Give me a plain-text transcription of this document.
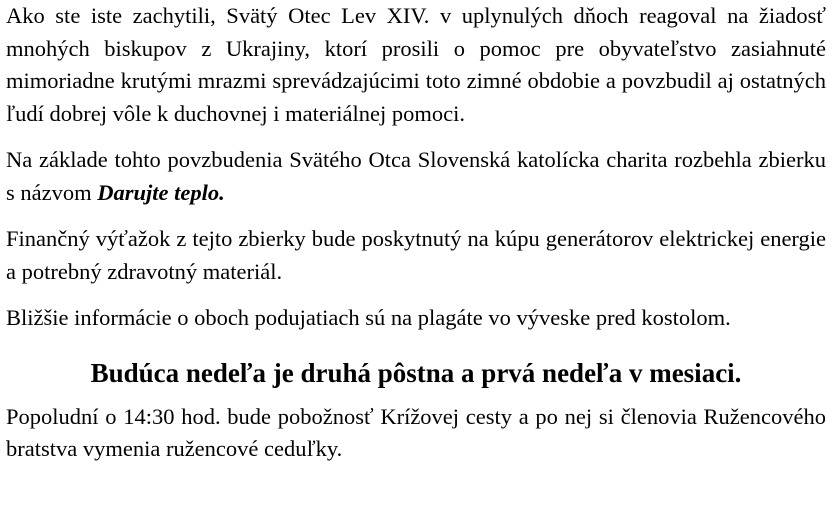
Ako ste iste zachytili, Svätý Otec Lev XIV. v uplynulých dňoch reagoval na žiadosť mnohých biskupov z Ukrajiny, ktorí prosili o pomoc pre obyvateľstvo zasiahnuté mimoriadne krutými mrazmi sprevádzajúcimi toto zimné obdobie a povzbudil aj ostatných ľudí dobrej vôle k duchovnej i materiálnej pomoci.

Na základe tohto povzbudenia Svätého Otca Slovenská katolícka charita rozbehla zbierku s názvom Darujte teplo.

Finančný výťažok z tejto zbierky bude poskytnutý na kúpu generátorov elektrickej energie a potrebný zdravotný materiál.

Bližšie informácie o oboch podujatiach sú na plagáte vo výveske pred kostolom.

Budúca nedeľa je druhá pôstna a prvá nedeľa v mesiaci.

Popoludní o 14:30 hod. bude pobožnosť Krížovej cesty a po nej si členovia Ružencového bratstva vymenia ružencové ceduľky.
